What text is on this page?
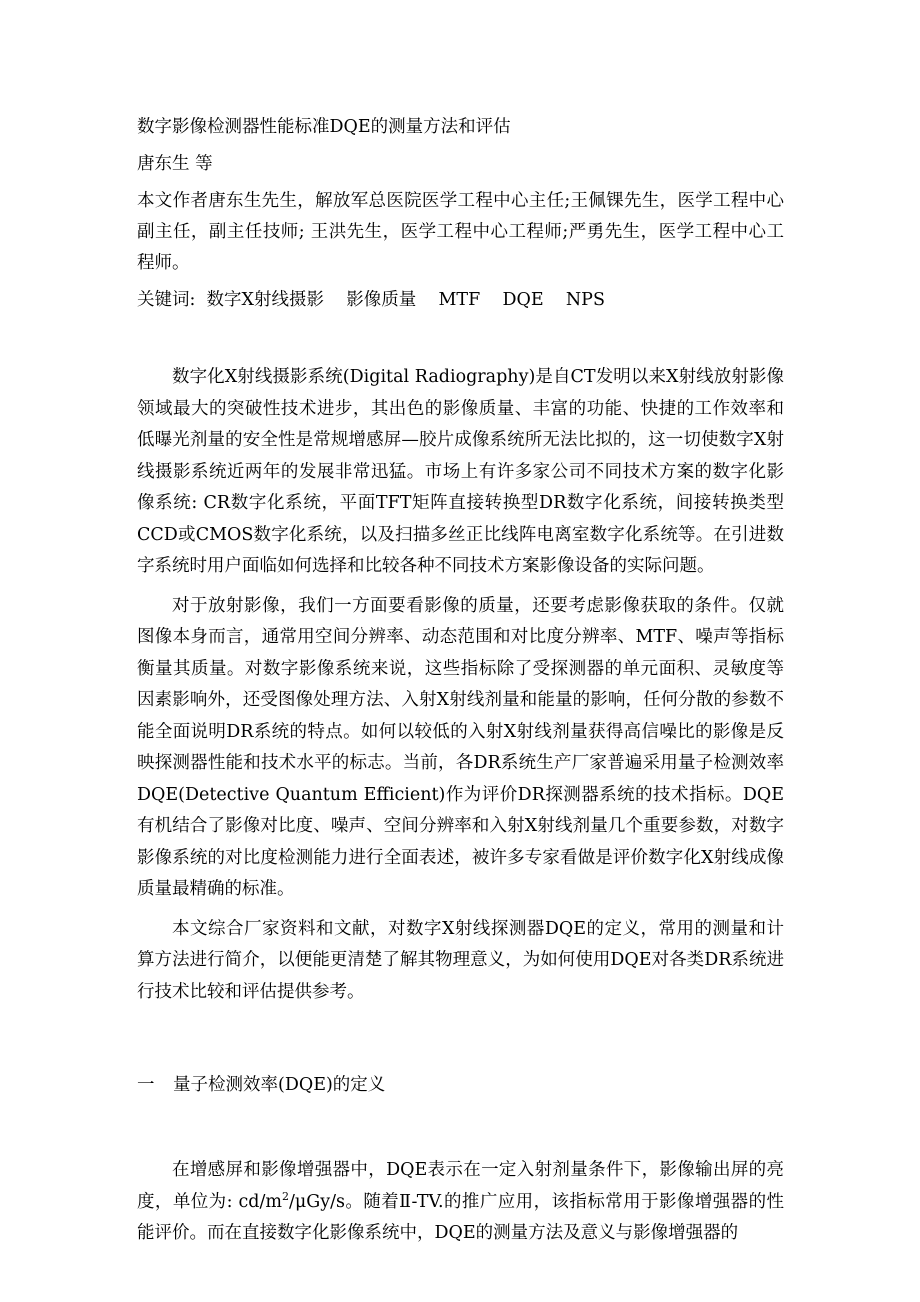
数字影像检测器性能标准DQE的测量方法和评估

唐东生 等

本文作者唐东生先生，解放军总医院医学工程中心主任;王佩锞先生，医学工程中心副主任，副主任技师; 王洪先生，医学工程中心工程师;严勇先生，医学工程中心工程师。

关键词:  数字X射线摄影    影像质量    MTF    DQE    NPS

数字化X射线摄影系统(Digital Radiography)是自CT发明以来X射线放射影像领域最大的突破性技术进步，其出色的影像质量、丰富的功能、快捷的工作效率和低曝光剂量的安全性是常规增感屏—胶片成像系统所无法比拟的，这一切使数字X射线摄影系统近两年的发展非常迅猛。市场上有许多家公司不同技术方案的数字化影像系统: CR数字化系统，平面TFT矩阵直接转换型DR数字化系统，间接转换类型CCD或CMOS数字化系统，以及扫描多丝正比线阵电离室数字化系统等。在引进数字系统时用户面临如何选择和比较各种不同技术方案影像设备的实际问题。

对于放射影像，我们一方面要看影像的质量，还要考虑影像获取的条件。仅就图像本身而言，通常用空间分辨率、动态范围和对比度分辨率、MTF、噪声等指标衡量其质量。对数字影像系统来说，这些指标除了受探测器的单元面积、灵敏度等因素影响外，还受图像处理方法、入射X射线剂量和能量的影响，任何分散的参数不能全面说明DR系统的特点。如何以较低的入射X射线剂量获得高信噪比的影像是反映探测器性能和技术水平的标志。当前，各DR系统生产厂家普遍采用量子检测效率DQE(Detective Quantum Efficient)作为评价DR探测器系统的技术指标。DQE有机结合了影像对比度、噪声、空间分辨率和入射X射线剂量几个重要参数，对数字影像系统的对比度检测能力进行全面表述，被许多专家看做是评价数字化X射线成像质量最精确的标准。

本文综合厂家资料和文献，对数字X射线探测器DQE的定义，常用的测量和计算方法进行简介，以便能更清楚了解其物理意义，为如何使用DQE对各类DR系统进行技术比较和评估提供参考。

一 量子检测效率(DQE)的定义

在增感屏和影像增强器中，DQE表示在一定入射剂量条件下，影像输出屏的亮度，单位为: $cd/m^2/\mu Gy/s$。随着Ⅱ-TV.的推广应用，该指标常用于影像增强器的性能评价。而在直接数字化影像系统中，DQE的测量方法及意义与影像增强器的
